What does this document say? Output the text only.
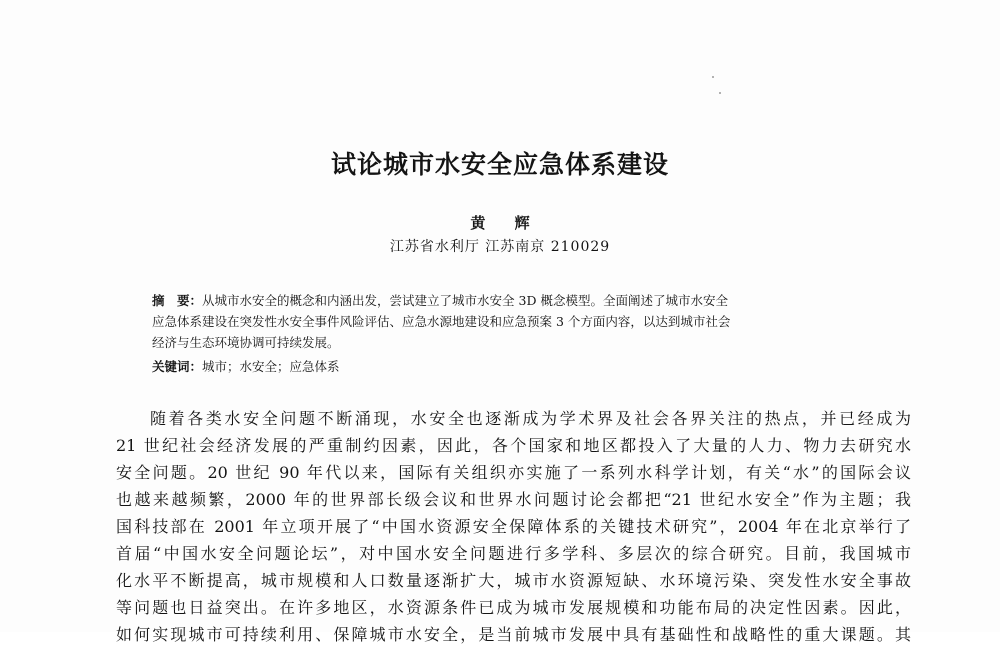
试论城市水安全应急体系建设
黄 辉
江苏省水利厅 江苏南京 210029

摘　要：从城市水安全的概念和内涵出发，尝试建立了城市水安全 3D 概念模型。全面阐述了城市水安全

应急体系建设在突发性水安全事件风险评估、应急水源地建设和应急预案 3 个方面内容，以达到城市社会

经济与生态环境协调可持续发展。

关键词：城市；水安全；应急体系
随着各类水安全问题不断涌现，水安全也逐渐成为学术界及社会各界关注的热点，并已经成为
21 世纪社会经济发展的严重制约因素，因此，各个国家和地区都投入了大量的人力、物力去研究水
安全问题。20 世纪 90 年代以来，国际有关组织亦实施了一系列水科学计划，有关“水”的国际会议
也越来越频繁，2000 年的世界部长级会议和世界水问题讨论会都把“21 世纪水安全”作为主题；我
国科技部在 2001 年立项开展了“中国水资源安全保障体系的关键技术研究”，2004 年在北京举行了
首届“中国水安全问题论坛”，对中国水安全问题进行多学科、多层次的综合研究。目前，我国城市
化水平不断提高，城市规模和人口数量逐渐扩大，城市水资源短缺、水环境污染、突发性水安全事故
等问题也日益突出。在许多地区，水资源条件已成为城市发展规模和功能布局的决定性因素。因此，
如何实现城市可持续利用、保障城市水安全，是当前城市发展中具有基础性和战略性的重大课题。其
